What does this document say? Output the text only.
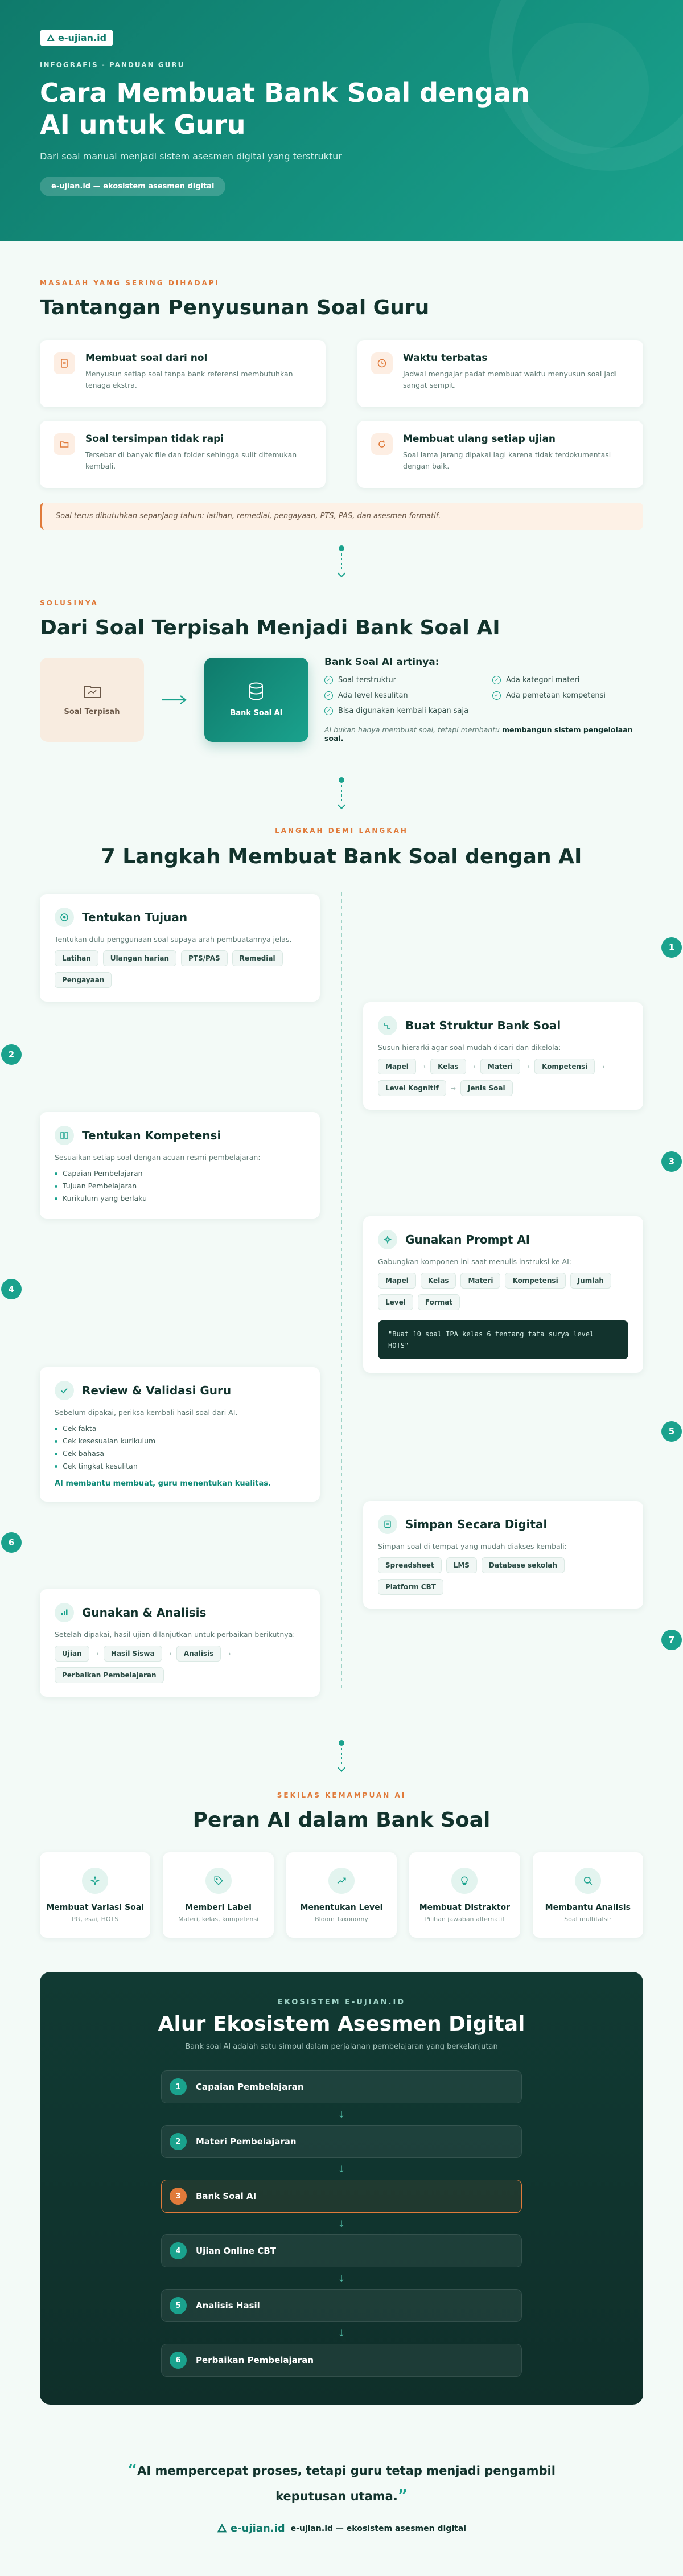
e-ujian.id
INFOGRAFIS - PANDUAN GURU
Cara Membuat Bank Soal dengan AI untuk Guru
Dari soal manual menjadi sistem asesmen digital yang terstruktur
e-ujian.id — ekosistem asesmen digital
MASALAH YANG SERING DIHADAPI
Tantangan Penyusunan Soal Guru
Membuat soal dari nol

Menyusun setiap soal tanpa bank referensi membutuhkan tenaga ekstra.

Waktu terbatas

Jadwal mengajar padat membuat waktu menyusun soal jadi sangat sempit.

Soal tersimpan tidak rapi

Tersebar di banyak file dan folder sehingga sulit ditemukan kembali.

Membuat ulang setiap ujian

Soal lama jarang dipakai lagi karena tidak terdokumentasi dengan baik.

Soal terus dibutuhkan sepanjang tahun: latihan, remedial, pengayaan, PTS, PAS, dan asesmen formatif.
SOLUSINYA
Dari Soal Terpisah Menjadi Bank Soal AI
Soal Terpisah	Bank Soal AI
Bank Soal AI artinya:
✓ Soal terstruktur	✓ Ada kategori materi
✓ Ada level kesulitan	✓ Ada pemetaan kompetensi
✓ Bisa digunakan kembali kapan saja
AI bukan hanya membuat soal, tetapi membantu membangun sistem pengelolaan soal.
LANGKAH DEMI LANGKAH
7 Langkah Membuat Bank Soal dengan AI
Tentukan Tujuan
Tentukan dulu penggunaan soal supaya arah pembuatannya jelas.
Latihan	Ulangan harian	PTS/PAS	Remedial
Pengayaan
1
Buat Struktur Bank Soal
Susun hierarki agar soal mudah dicari dan dikelola:
Mapel	→	Kelas	→	Materi	→	Kompetensi	→
Level Kognitif	→	Jenis Soal
2
Tentukan Kompetensi
Sesuaikan setiap soal dengan acuan resmi pembelajaran:
Capaian Pembelajaran
Tujuan Pembelajaran
Kurikulum yang berlaku
3
Gunakan Prompt AI
Gabungkan komponen ini saat menulis instruksi ke AI:
Mapel	Kelas	Materi	Kompetensi	Jumlah
Level	Format
"Buat 10 soal IPA kelas 6 tentang tata surya level HOTS"
4
Review & Validasi Guru
Sebelum dipakai, periksa kembali hasil soal dari AI.
Cek fakta
Cek kesesuaian kurikulum
Cek bahasa
Cek tingkat kesulitan
AI membantu membuat, guru menentukan kualitas.
5
Simpan Secara Digital
Simpan soal di tempat yang mudah diakses kembali:
Spreadsheet	LMS	Database sekolah
Platform CBT
6
Gunakan & Analisis
Setelah dipakai, hasil ujian dilanjutkan untuk perbaikan berikutnya:
Ujian	→	Hasil Siswa	→	Analisis	→
Perbaikan Pembelajaran
7
SEKILAS KEMAMPUAN AI
Peran AI dalam Bank Soal
Membuat Variasi Soal

PG, esai, HOTS

Memberi Label

Materi, kelas, kompetensi

Menentukan Level

Bloom Taxonomy

Membuat Distraktor

Pilihan jawaban alternatif

Membantu Analisis

Soal multitafsir

EKOSISTEM E-UJIAN.ID
Alur Ekosistem Asesmen Digital
Bank soal AI adalah satu simpul dalam perjalanan pembelajaran yang berkelanjutan
1	Capaian Pembelajaran
↓
2	Materi Pembelajaran
↓
3	Bank Soal AI
↓
4	Ujian Online CBT
↓
5	Analisis Hasil
↓
6	Perbaikan Pembelajaran
“AI mempercepat proses, tetapi guru tetap menjadi pengambil
keputusan utama.”
e-ujian.id e-ujian.id — ekosistem asesmen digital
